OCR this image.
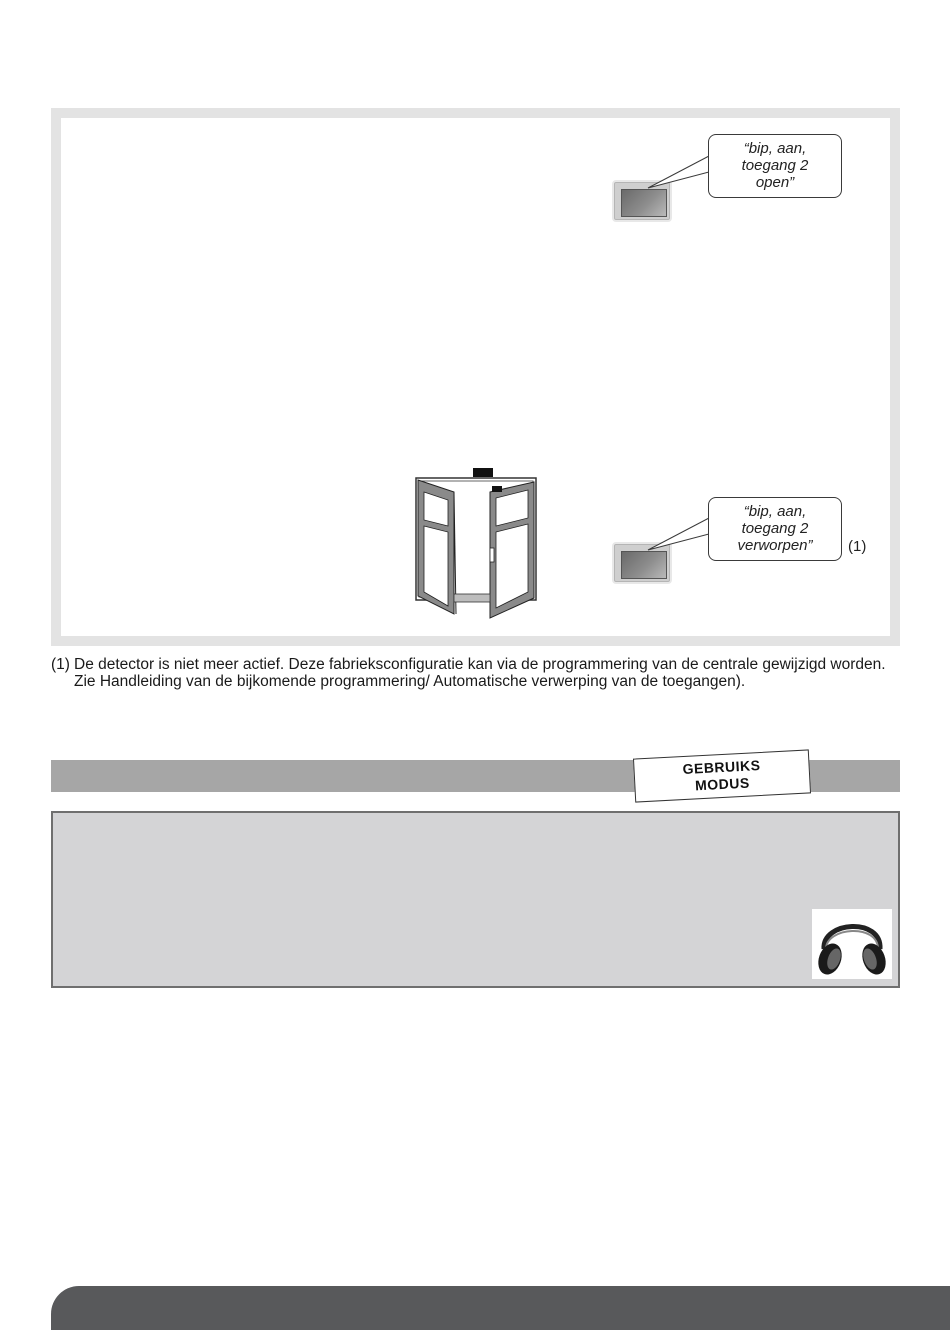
“bip, aan,
toegang 2
open”
“bip, aan,
toegang 2
verworpen”	(1)
(1) De detector is niet meer actief. Deze fabrieksconfiguratie kan via de programmering van de centrale gewijzigd worden. Zie Handleiding van de bijkomende programmering/ Automatische verwerping van de toegangen).
GEBRUIKS
MODUS
